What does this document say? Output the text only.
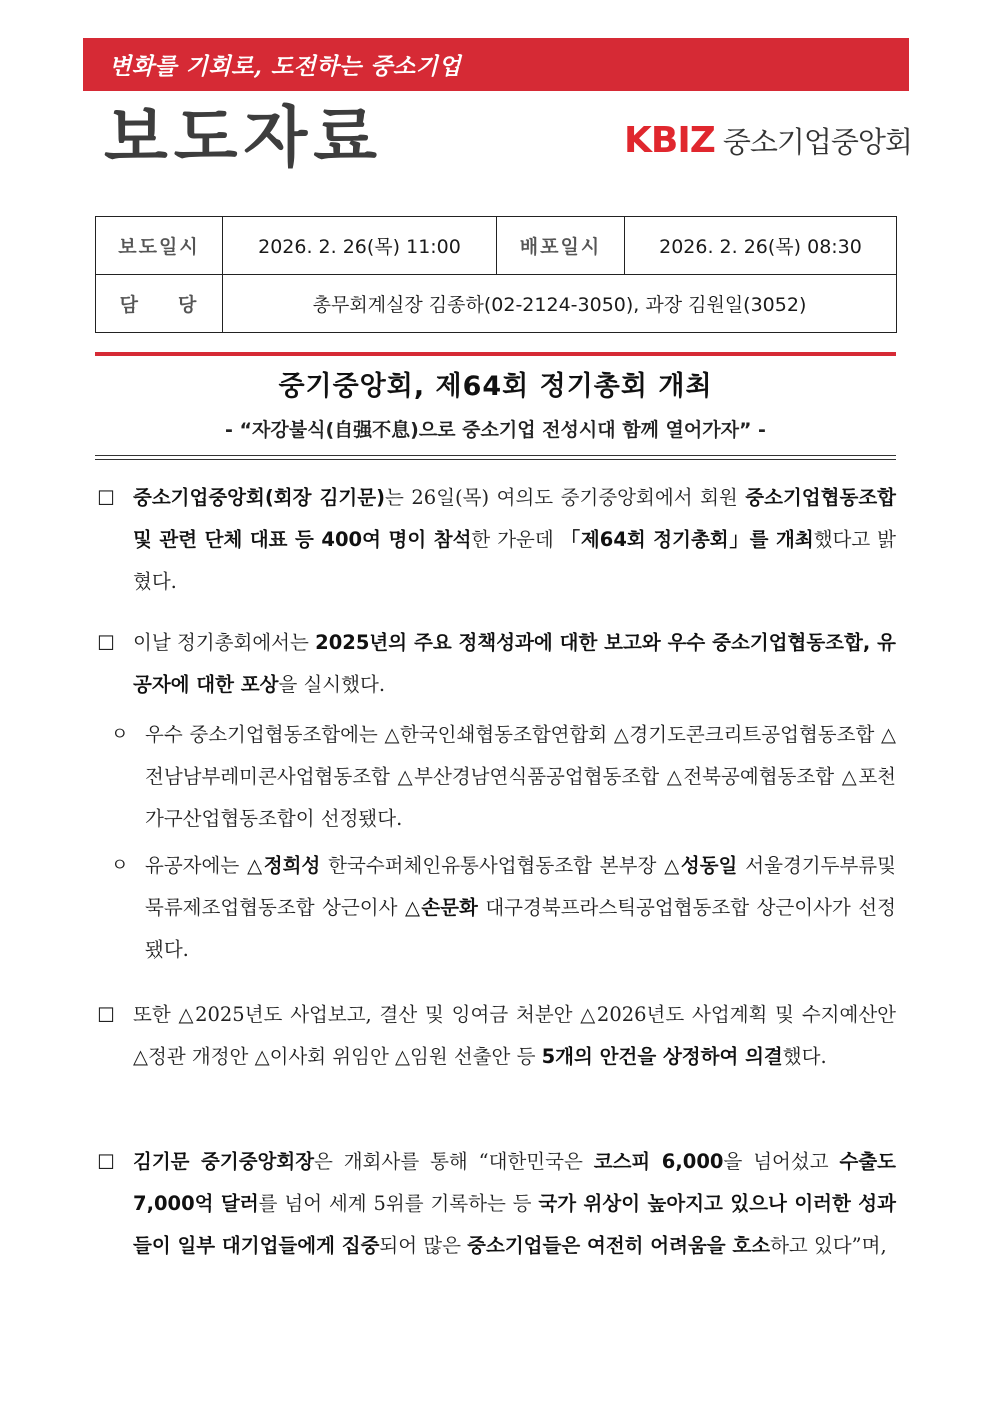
변화를 기회로, 도전하는 중소기업
보도자료	KBIZ 중소기업중앙회
보도일시	2026. 2. 26(목) 11:00	배포일시	2026. 2. 26(목) 08:30
담당	총무회계실장 김종하(02-2124-3050), 과장 김원일(3052)		
중기중앙회, 제64회 정기총회 개최
- “자강불식(自强不息)으로 중소기업 전성시대 함께 열어가자” -
☐ 중소기업중앙회(회장 김기문)는 26일(목) 여의도 중기중앙회에서 회원 중소기업협동조합 및 관련 단체 대표 등 400여 명이 참석한 가운데 「제64회 정기총회」를 개최했다고 밝혔다.
☐ 이날 정기총회에서는 2025년의 주요 정책성과에 대한 보고와 우수 중소기업협동조합, 유공자에 대한 포상을 실시했다.
ㅇ 우수 중소기업협동조합에는 △한국인쇄협동조합연합회 △경기도콘크리트공업협동조합 △전남남부레미콘사업협동조합 △부산경남연식품공업협동조합 △전북공예협동조합 △포천가구산업협동조합이 선정됐다.
ㅇ 유공자에는 △정희성 한국수퍼체인유통사업협동조합 본부장 △성동일 서울경기두부류및묵류제조업협동조합 상근이사 △손문화 대구경북프라스틱공업협동조합 상근이사가 선정됐다.
☐ 또한 △2025년도 사업보고, 결산 및 잉여금 처분안 △2026년도 사업계획 및 수지예산안 △정관 개정안 △이사회 위임안 △임원 선출안 등 5개의 안건을 상정하여 의결했다.
☐ 김기문 중기중앙회장은 개회사를 통해 “대한민국은 코스피 6,000을 넘어섰고 수출도 7,000억 달러를 넘어 세계 5위를 기록하는 등 국가 위상이 높아지고 있으나 이러한 성과들이 일부 대기업들에게 집중되어 많은 중소기업들은 여전히 어려움을 호소하고 있다”며,
